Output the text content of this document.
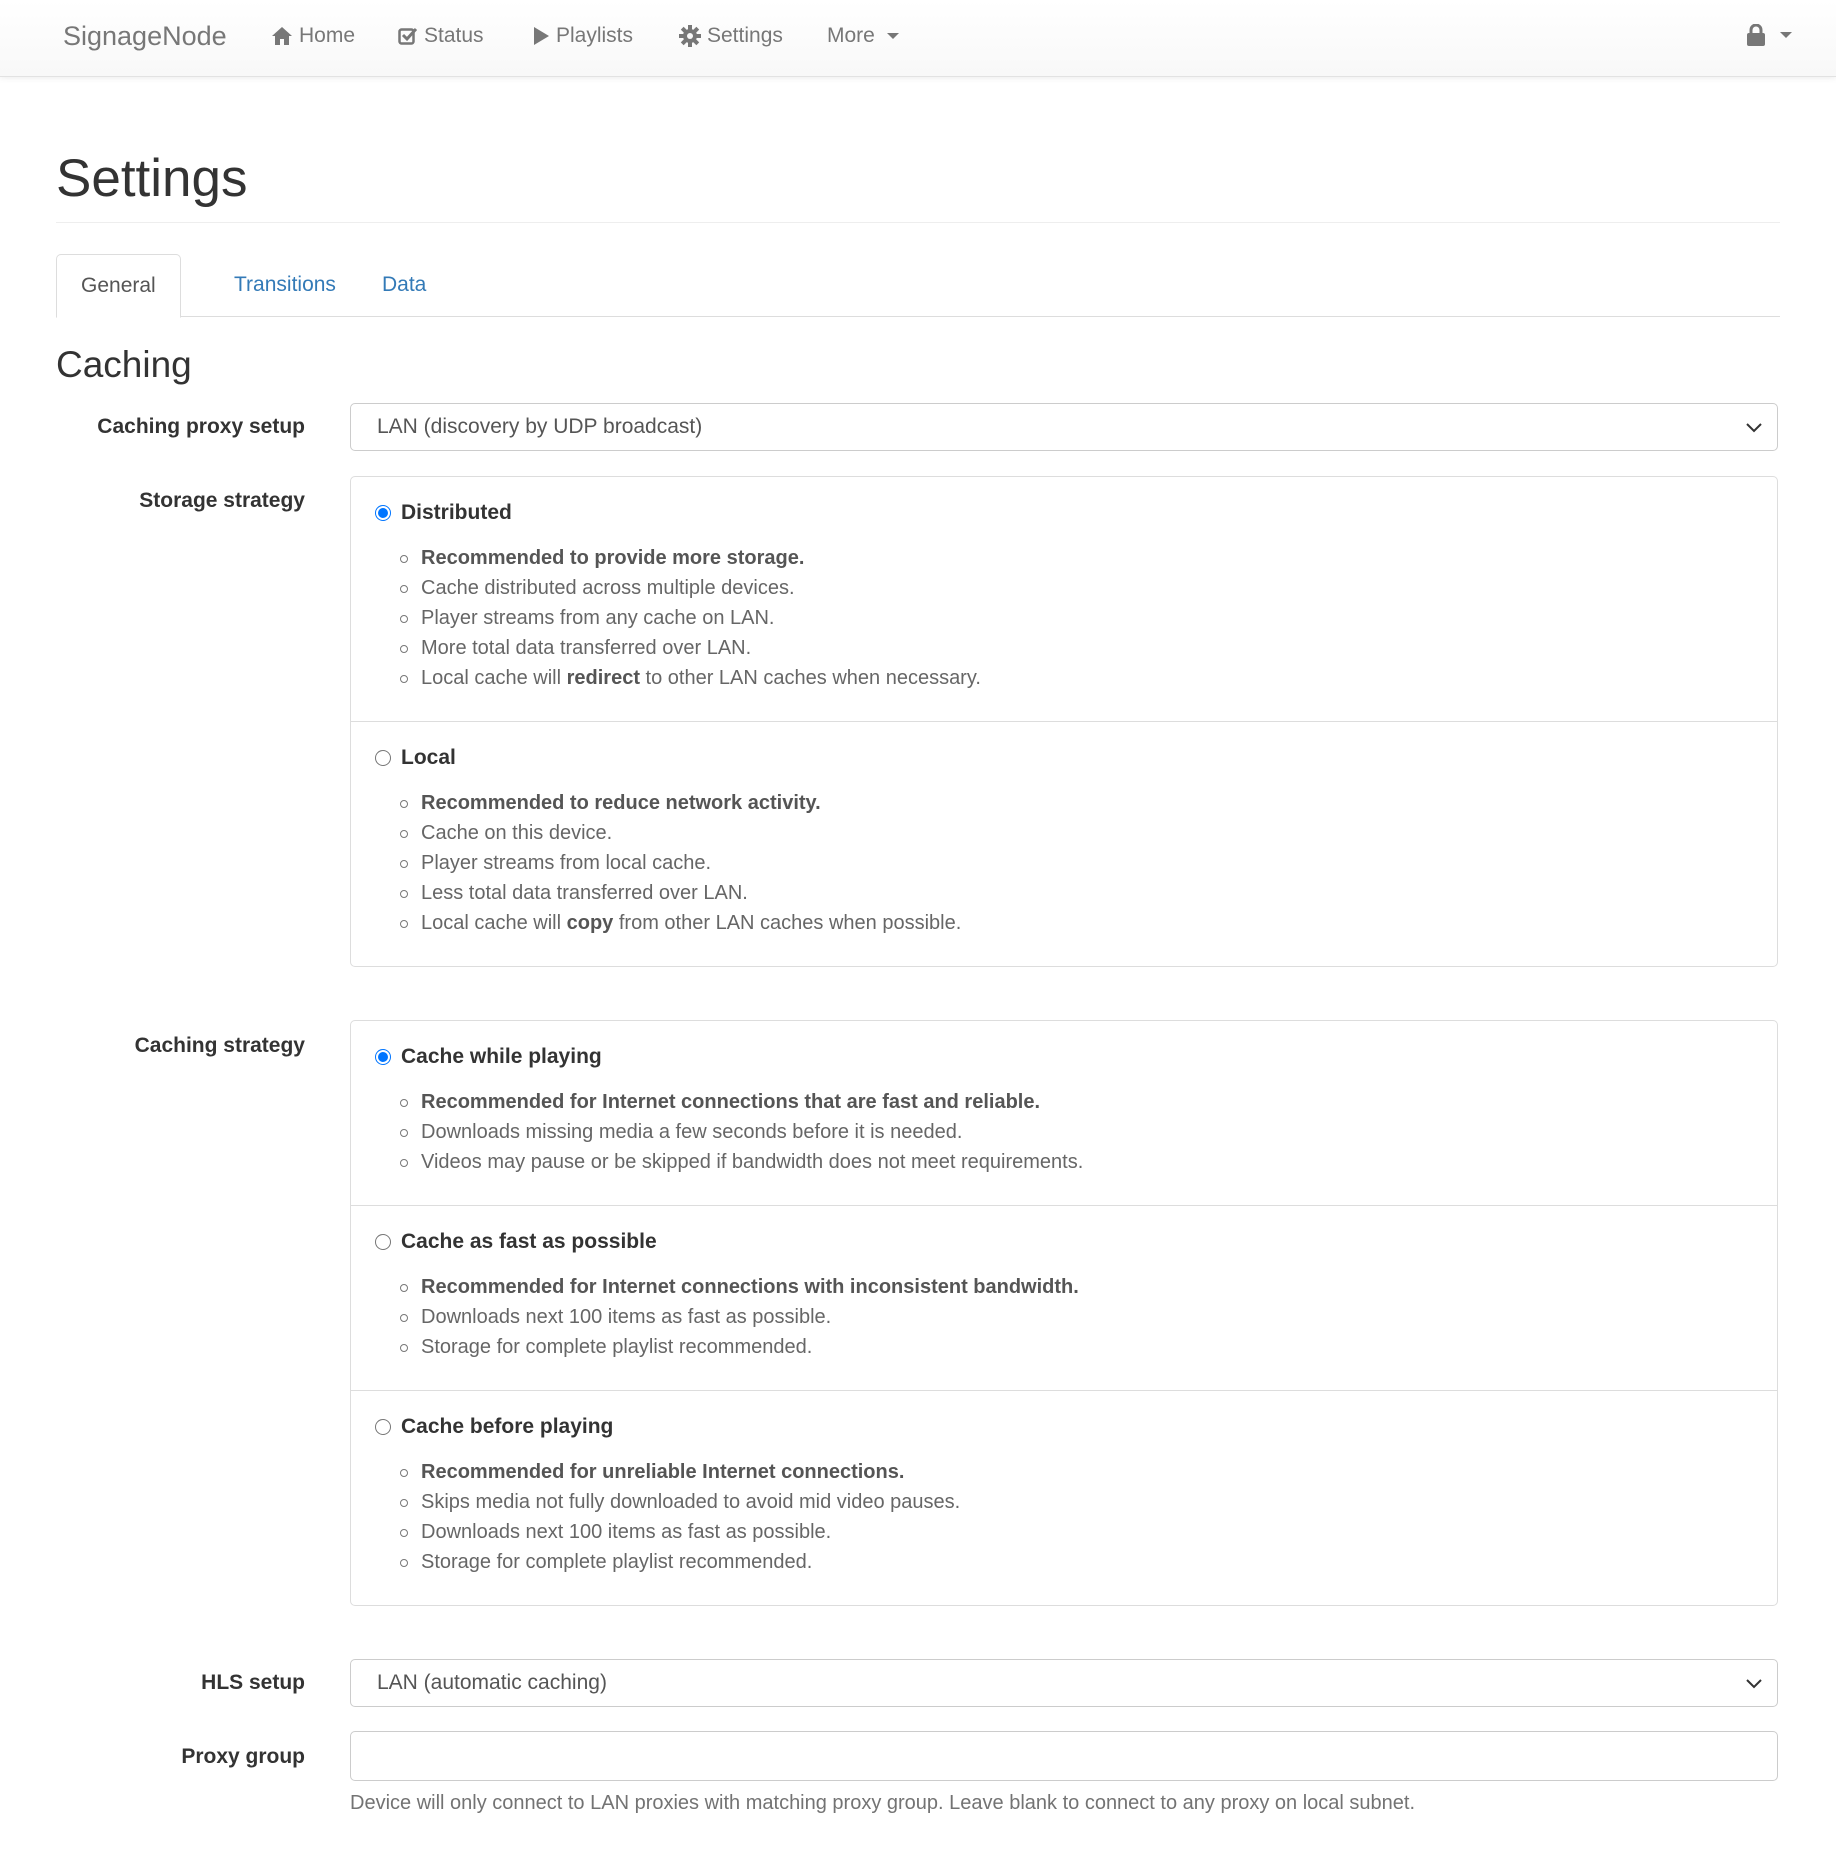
SignageNode	Home	Status	Playlists	Settings More
Settings
General	Transitions	Data
Caching
Caching proxy setup	LAN (discovery by UDP broadcast)
Storage strategy
Distributed
Recommended to provide more storage.
Cache distributed across multiple devices.
Player streams from any cache on LAN.
More total data transferred over LAN.
Local cache will redirect to other LAN caches when necessary.
Local
Recommended to reduce network activity.
Cache on this device.
Player streams from local cache.
Less total data transferred over LAN.
Local cache will copy from other LAN caches when possible.
Caching strategy	Cache while playing
Recommended for Internet connections that are fast and reliable.
Downloads missing media a few seconds before it is needed.
Videos may pause or be skipped if bandwidth does not meet requirements.
Cache as fast as possible
Recommended for Internet connections with inconsistent bandwidth.
Downloads next 100 items as fast as possible.
Storage for complete playlist recommended.
Cache before playing
Recommended for unreliable Internet connections.
Skips media not fully downloaded to avoid mid video pauses.
Downloads next 100 items as fast as possible.
Storage for complete playlist recommended.
HLS setup	LAN (automatic caching)
Proxy group
Device will only connect to LAN proxies with matching proxy group. Leave blank to connect to any proxy on local subnet.
